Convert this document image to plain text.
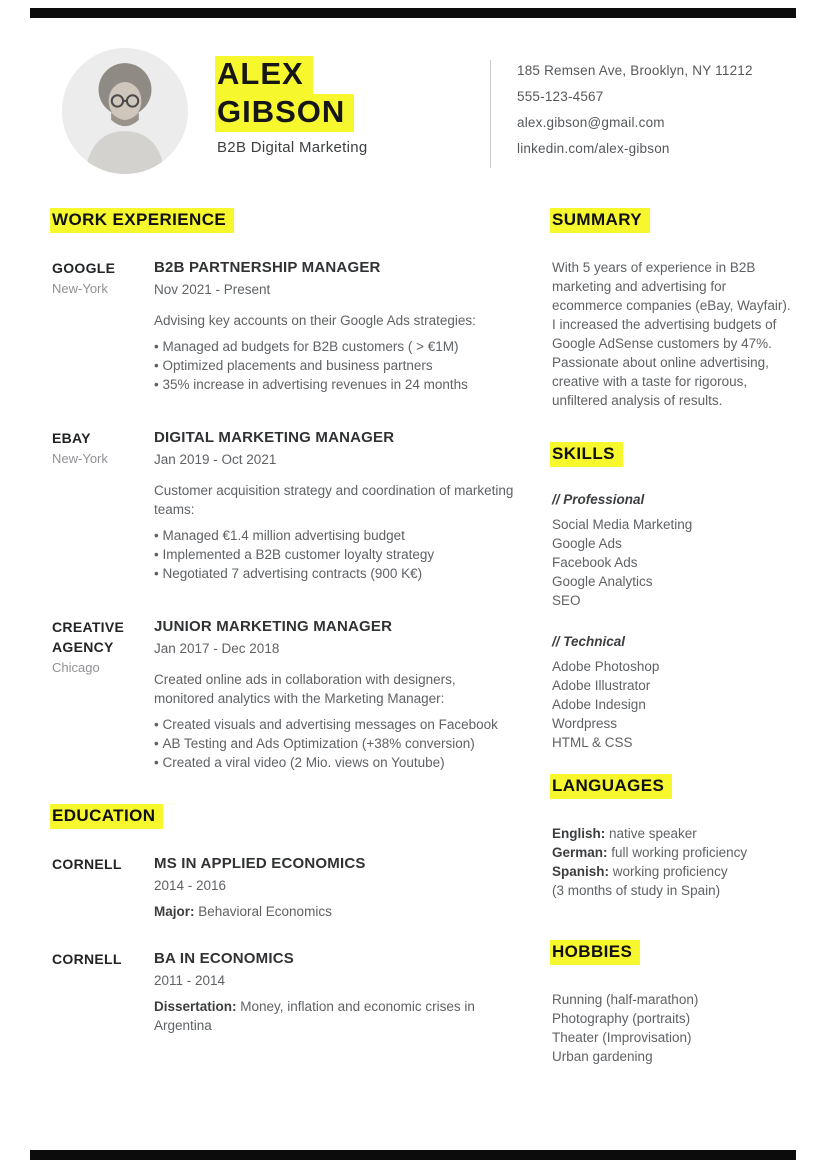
ALEX
GIBSON
B2B Digital Marketing
185 Remsen Ave, Brooklyn, NY 11212
555-123-4567
alex.gibson@gmail.com
linkedin.com/alex-gibson
WORK EXPERIENCE
GOOGLE
New-York
B2B PARTNERSHIP MANAGER
Nov 2021 - Present
Advising key accounts on their Google Ads strategies:
• Managed ad budgets for B2B customers ( > €1M)
• Optimized placements and business partners
• 35% increase in advertising revenues in 24 months
EBAY
New-York
DIGITAL MARKETING MANAGER
Jan 2019 - Oct 2021
Customer acquisition strategy and coordination of marketing teams:
• Managed €1.4 million advertising budget
• Implemented a B2B customer loyalty strategy
• Negotiated 7 advertising contracts (900 K€)
CREATIVE AGENCY
Chicago
JUNIOR MARKETING MANAGER
Jan 2017 - Dec 2018
Created online ads in collaboration with designers, monitored analytics with the Marketing Manager:
• Created visuals and advertising messages on Facebook
• AB Testing and Ads Optimization (+38% conversion)
• Created a viral video (2 Mio. views on Youtube)
EDUCATION
CORNELL	MS IN APPLIED ECONOMICS
2014 - 2016
Major: Behavioral Economics
CORNELL	BA IN ECONOMICS
2011 - 2014
Dissertation: Money, inflation and economic crises in Argentina
SUMMARY

With 5 years of experience in B2B marketing and advertising for ecommerce companies (eBay, Wayfair). I increased the advertising budgets of Google AdSense customers by 47%. Passionate about online advertising, creative with a taste for rigorous, unfiltered analysis of results.

SKILLS
// Professional
Social Media Marketing
Google Ads
Facebook Ads
Google Analytics
SEO
// Technical
Adobe Photoshop
Adobe Illustrator
Adobe Indesign
Wordpress
HTML & CSS
LANGUAGES
English: native speaker
German: full working proficiency
Spanish: working proficiency
(3 months of study in Spain)
HOBBIES
Running (half-marathon)
Photography (portraits)
Theater (Improvisation)
Urban gardening
